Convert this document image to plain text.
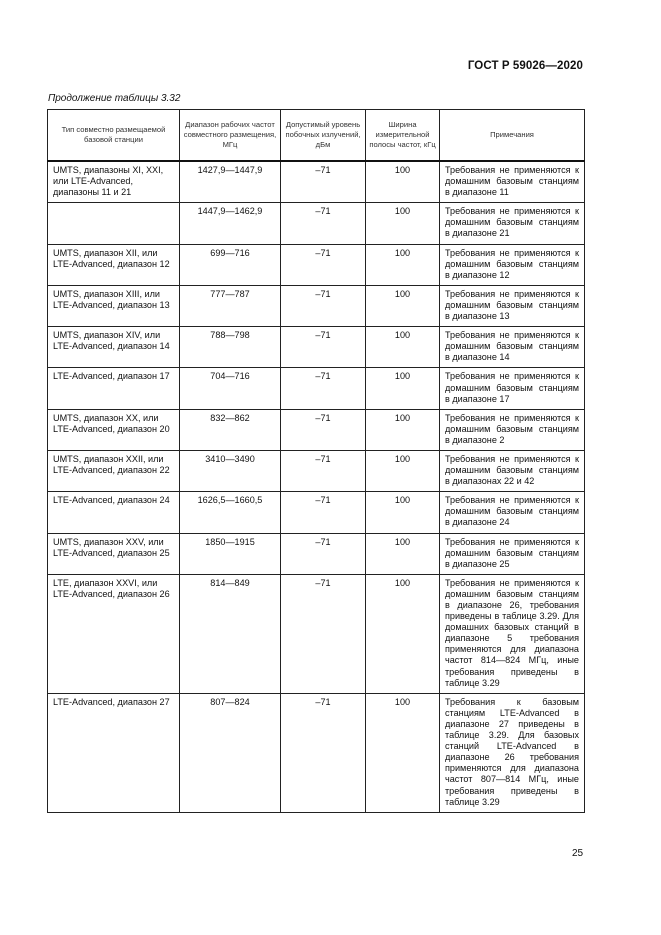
ГОСТ Р 59026—2020
Продолжение таблицы 3.32
Тип совместно размещаемой базовой станции	Диапазон рабочих частот совместного размещения, МГц	Допустимый уровень побочных излучений, дБм	Ширина измерительной полосы частот, кГц	Примечания
UMTS, диапазоны XI, XXI, или LTE-Advanced, диапазоны 11 и 21	1427,9—1447,9	–71	100	Требования не применяются к домашним базовым станциям в диапазоне 11
	1447,9—1462,9	–71	100	Требования не применяются к домашним базовым станциям в диапазоне 21
UMTS, диапазон XII, или LTE-Advanced, диапазон 12	699—716	–71	100	Требования не применяются к домашним базовым станциям в диапазоне 12
UMTS, диапазон XIII, или LTE-Advanced, диапазон 13	777—787	–71	100	Требования не применяются к домашним базовым станциям в диапазоне 13
UMTS, диапазон XIV, или LTE-Advanced, диапазон 14	788—798	–71	100	Требования не применяются к домашним базовым станциям в диапазоне 14
LTE-Advanced, диапазон 17	704—716	–71	100	Требования не применяются к домашним базовым станциям в диапазоне 17
UMTS, диапазон XX, или LTE-Advanced, диапазон 20	832—862	–71	100	Требования не применяются к домашним базовым станциям в диапазоне 2
UMTS, диапазон XXII, или LTE-Advanced, диапазон 22	3410—3490	–71	100	Требования не применяются к домашним базовым станциям в диапазонах 22 и 42
LTE-Advanced, диапазон 24	1626,5—1660,5	–71	100	Требования не применяются к домашним базовым станциям в диапазоне 24
UMTS, диапазон XXV, или LTE-Advanced, диапазон 25	1850—1915	–71	100	Требования не применяются к домашним базовым станциям в диапазоне 25
LTE, диапазон XXVI, или LTE-Advanced, диапазон 26	814—849	–71	100	Требования не применяются к домашним базовым станциям в диапазоне 26, требования приведены в таблице 3.29. Для домашних базовых станций в диапазоне 5 требования применяются для диапазона частот 814—824 МГц, иные требования приведены в таблице 3.29
LTE-Advanced, диапазон 27	807—824	–71	100	Требования к базовым станциям LTE-Advanced в диапазоне 27 приведены в таблице 3.29. Для базовых станций LTE-Advanced в диапазоне 26 требования применяются для диапазона частот 807—814 МГц, иные требования приведены в таблице 3.29
25
